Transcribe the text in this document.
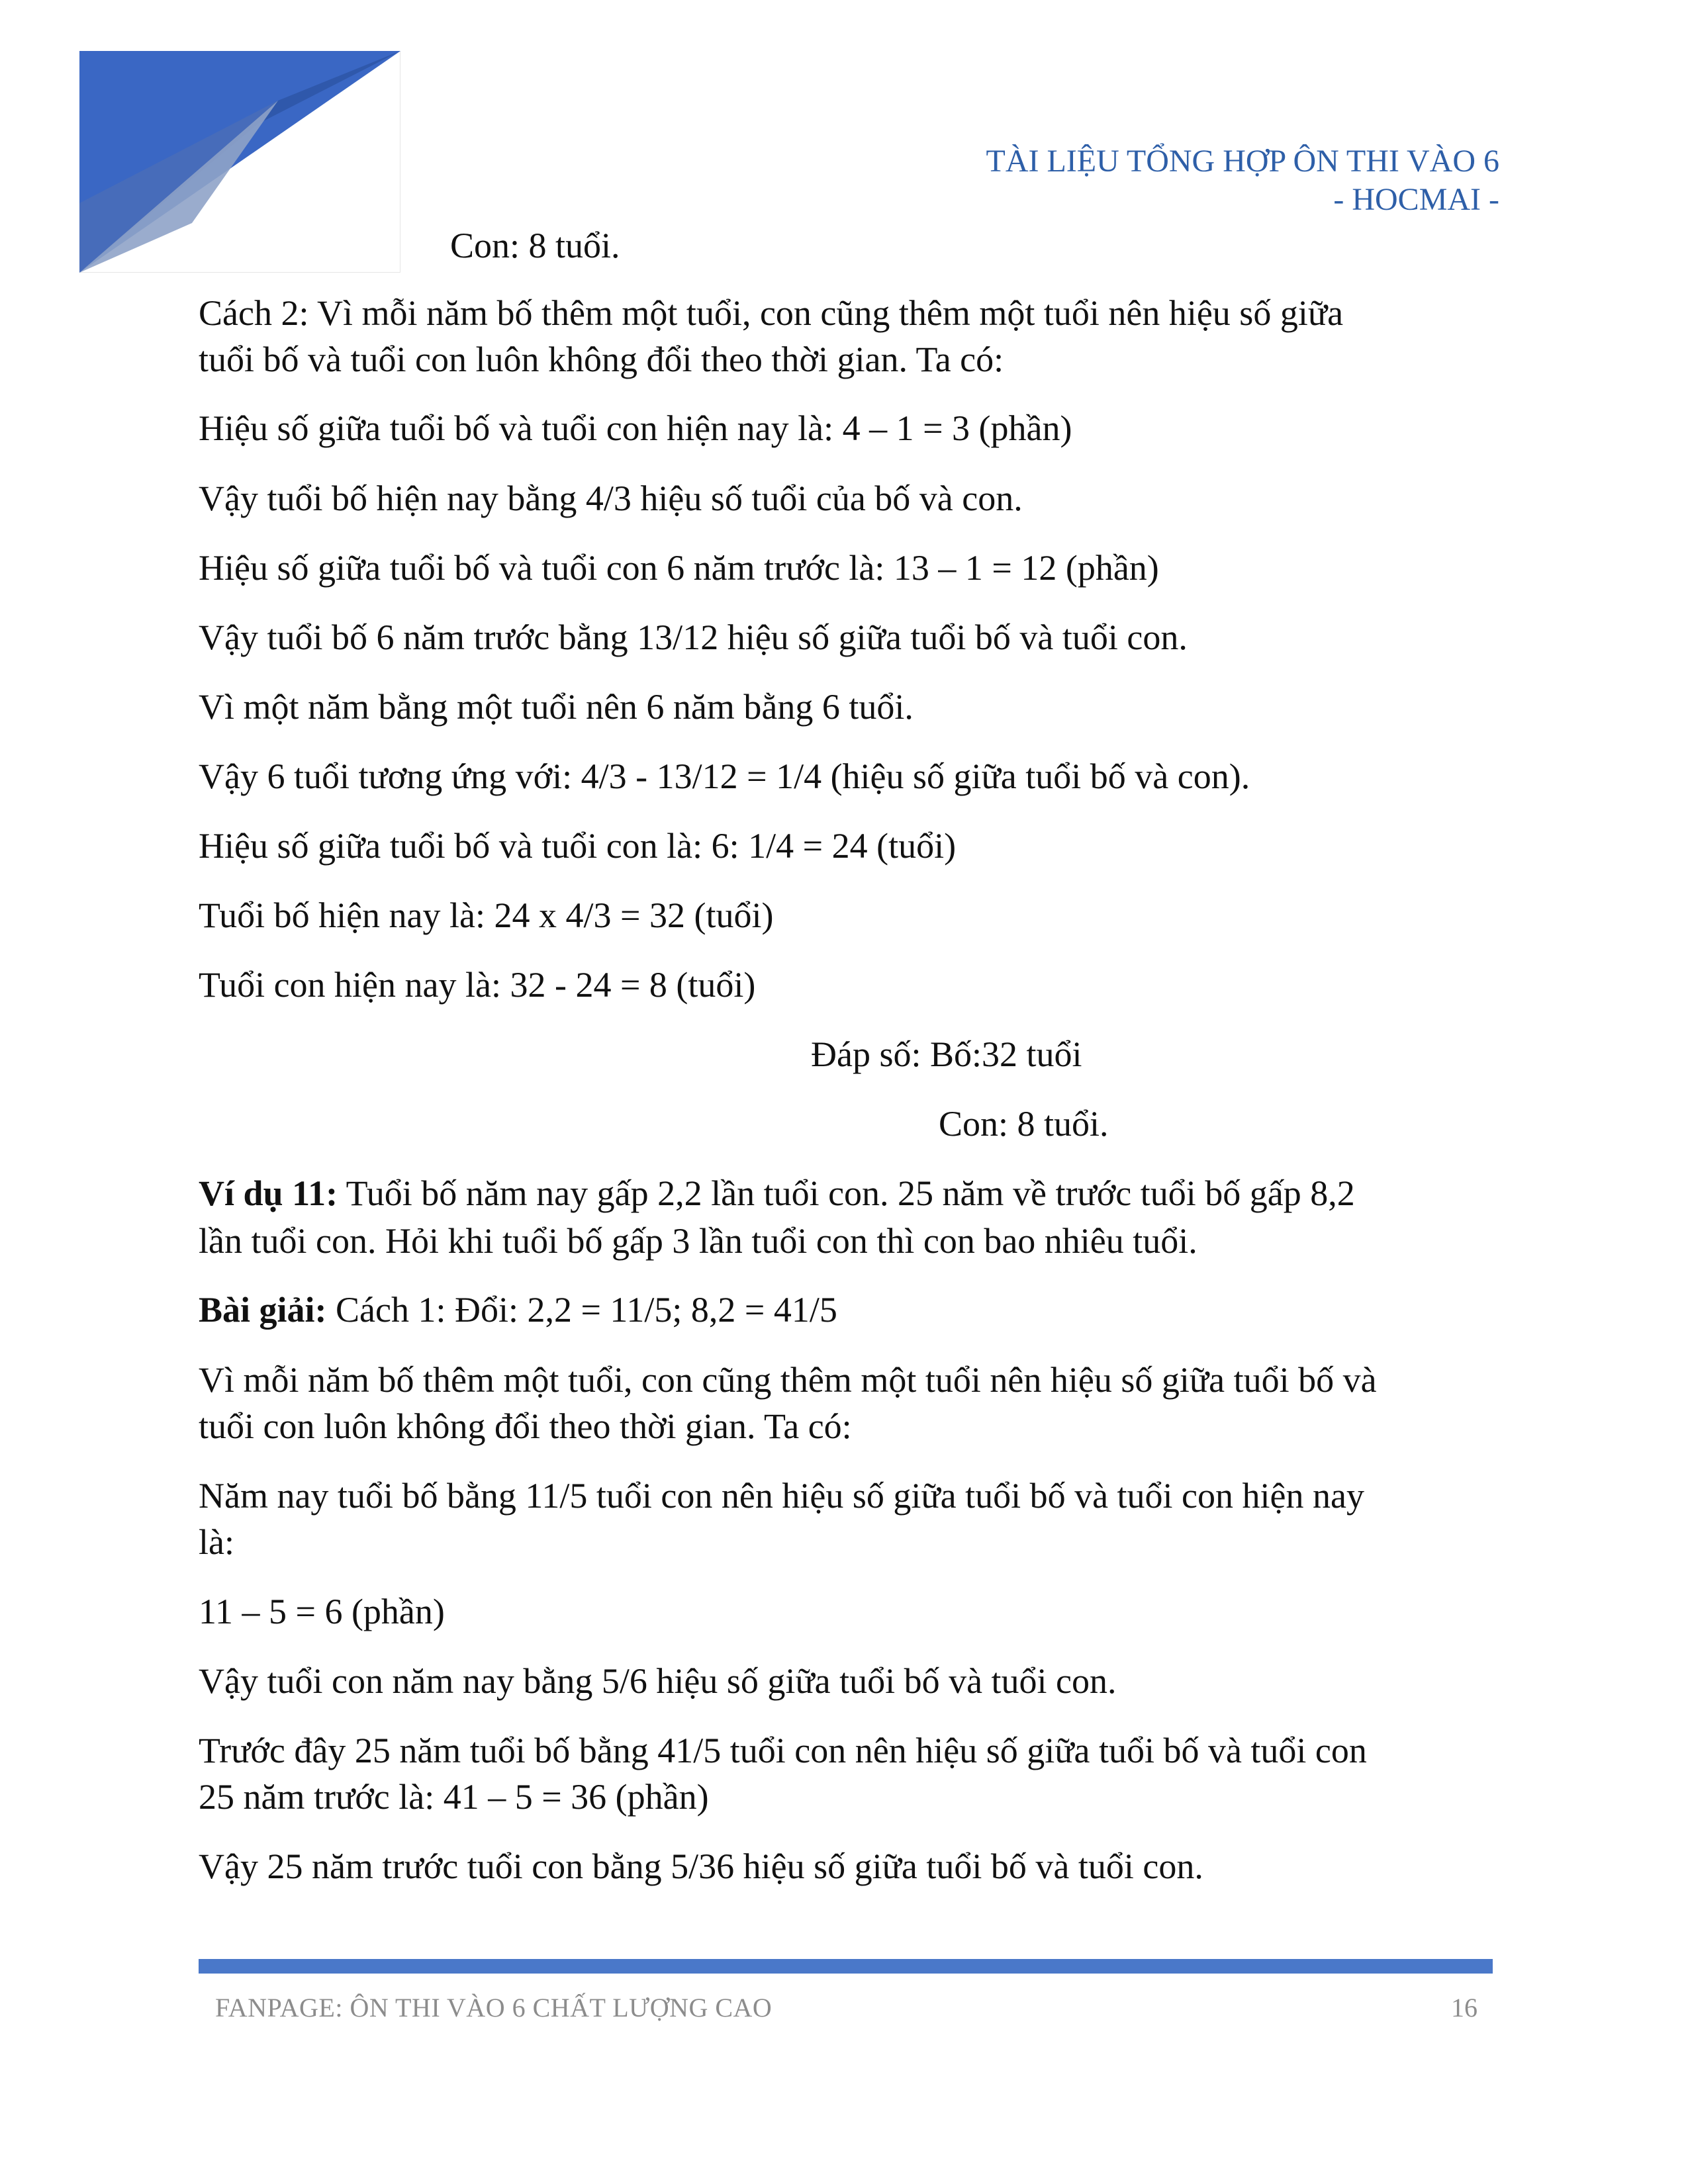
TÀI LIỆU TỔNG HỢP ÔN THI VÀO 6
- HOCMAI -
Con: 8 tuổi.
Cách 2: Vì mỗi năm bố thêm một tuổi, con cũng thêm một tuổi nên hiệu số giữa
tuổi bố và tuổi con luôn không đổi theo thời gian. Ta có:
Hiệu số giữa tuổi bố và tuổi con hiện nay là: 4 – 1 = 3 (phần)
Vậy tuổi bố hiện nay bằng 4/3 hiệu số tuổi của bố và con.
Hiệu số giữa tuổi bố và tuổi con 6 năm trước là: 13 – 1 = 12 (phần)
Vậy tuổi bố 6 năm trước bằng 13/12 hiệu số giữa tuổi bố và tuổi con.
Vì một năm bằng một tuổi nên 6 năm bằng 6 tuổi.
Vậy 6 tuổi tương ứng với: 4/3 - 13/12 = 1/4 (hiệu số giữa tuổi bố và con).
Hiệu số giữa tuổi bố và tuổi con là: 6: 1/4 = 24 (tuổi)
Tuổi bố hiện nay là: 24 x 4/3 = 32 (tuổi)
Tuổi con hiện nay là: 32 - 24 = 8 (tuổi)
Đáp số: Bố:32 tuổi
Con: 8 tuổi.
Ví dụ 11: Tuổi bố năm nay gấp 2,2 lần tuổi con. 25 năm về trước tuổi bố gấp 8,2
lần tuổi con. Hỏi khi tuổi bố gấp 3 lần tuổi con thì con bao nhiêu tuổi.
Bài giải: Cách 1: Đổi: 2,2 = 11/5; 8,2 = 41/5
Vì mỗi năm bố thêm một tuổi, con cũng thêm một tuổi nên hiệu số giữa tuổi bố và
tuổi con luôn không đổi theo thời gian. Ta có:
Năm nay tuổi bố bằng 11/5 tuổi con nên hiệu số giữa tuổi bố và tuổi con hiện nay
là:
11 – 5 = 6 (phần)
Vậy tuổi con năm nay bằng 5/6 hiệu số giữa tuổi bố và tuổi con.
Trước đây 25 năm tuổi bố bằng 41/5 tuổi con nên hiệu số giữa tuổi bố và tuổi con
25 năm trước là: 41 – 5 = 36 (phần)
Vậy 25 năm trước tuổi con bằng 5/36 hiệu số giữa tuổi bố và tuổi con.
FANPAGE: ÔN THI VÀO 6 CHẤT LƯỢNG CAO	16
